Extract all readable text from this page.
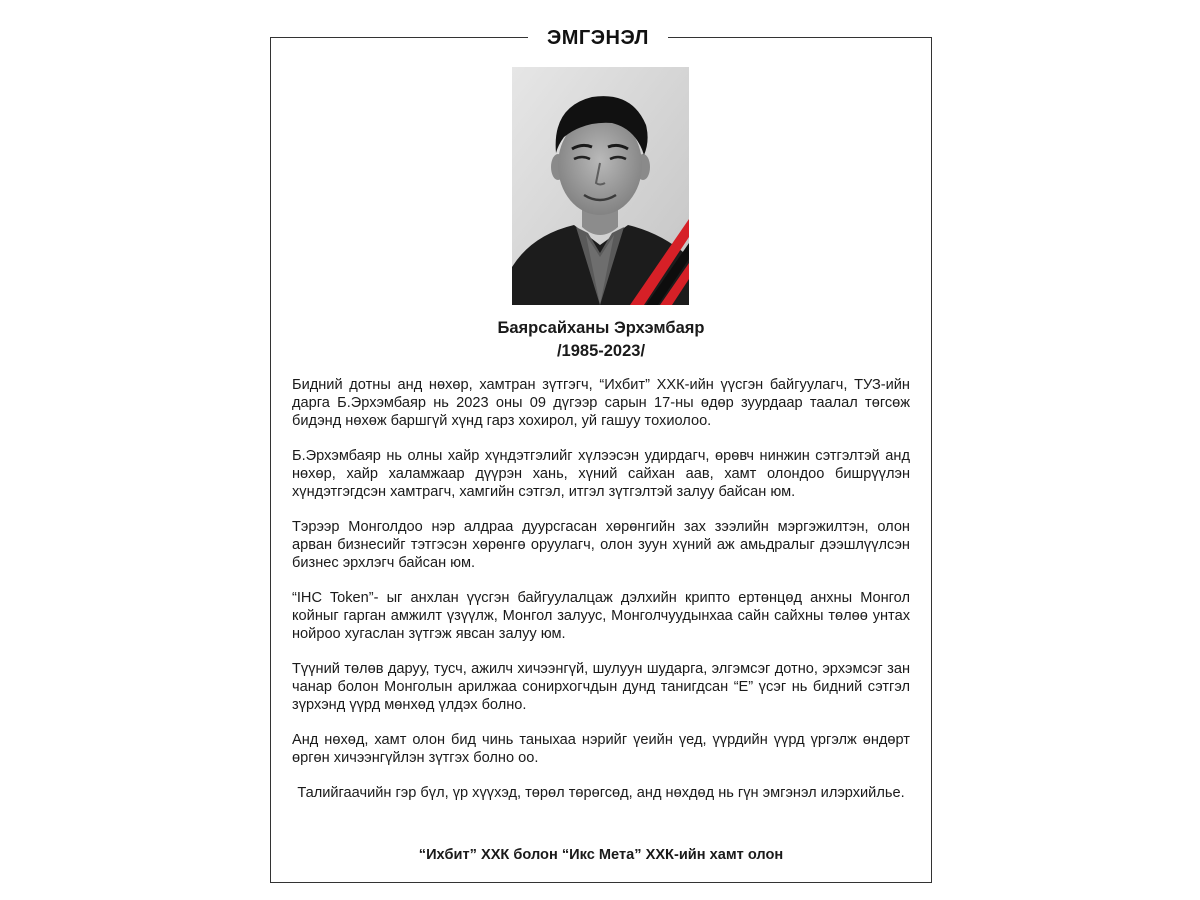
ЭМГЭНЭЛ
Баярсайханы Эрхэмбаяр
/1985-2023/

Бидний дотны анд нөхөр, хамтран зүтгэгч, “Ихбит” ХХК-ийн үүсгэн байгуулагч, ТУЗ-ийн дарга Б.Эрхэмбаяр нь 2023 оны 09 дүгээр сарын 17-ны өдөр зуурдаар таалал төгсөж бидэнд нөхөж баршгүй хүнд гарз хохирол, уй гашуу тохиолоо.

Б.Эрхэмбаяр нь олны хайр хүндэтгэлийг хүлээсэн удирдагч, өрөвч нинжин сэтгэлтэй анд нөхөр, хайр халамжаар дүүрэн хань, хүний сайхан аав, хамт олондоо бишрүүлэн хүндэтгэгдсэн хамтрагч, хамгийн сэтгэл, итгэл зүтгэлтэй залуу байсан юм.

Тэрээр Монголдоо нэр алдраа дуурсгасан хөрөнгийн зах зээлийн мэргэжилтэн, олон арван бизнесийг тэтгэсэн хөрөнгө оруулагч, олон зуун хүний аж амьдралыг дээшлүүлсэн бизнес эрхлэгч байсан юм.

“IHC Token”- ыг анхлан үүсгэн байгуулалцаж дэлхийн крипто ертөнцөд анхны Монгол койныг гарган амжилт үзүүлж, Монгол залуус, Монголчуудынхаа сайн сайхны төлөө унтах нойроо хугаслан зүтгэж явсан залуу юм.

Түүний төлөв даруу, тусч, ажилч хичээнгүй, шулуун шударга, элгэмсэг дотно, эрхэмсэг зан чанар болон Монголын арилжаа сонирхогчдын дунд танигдсан “Е” үсэг нь бидний сэтгэл зүрхэнд үүрд мөнхөд үлдэх болно.

Анд нөхөд, хамт олон бид чинь таныхаа нэрийг үеийн үед, үүрдийн үүрд үргэлж өндөрт өргөн хичээнгүйлэн зүтгэх болно оо.

Талийгаачийн гэр бүл, үр хүүхэд, төрөл төрөгсөд, анд нөхдөд нь гүн эмгэнэл илэрхийлье.

“Ихбит” ХХК болон “Икс Мета” ХХК-ийн хамт олон
